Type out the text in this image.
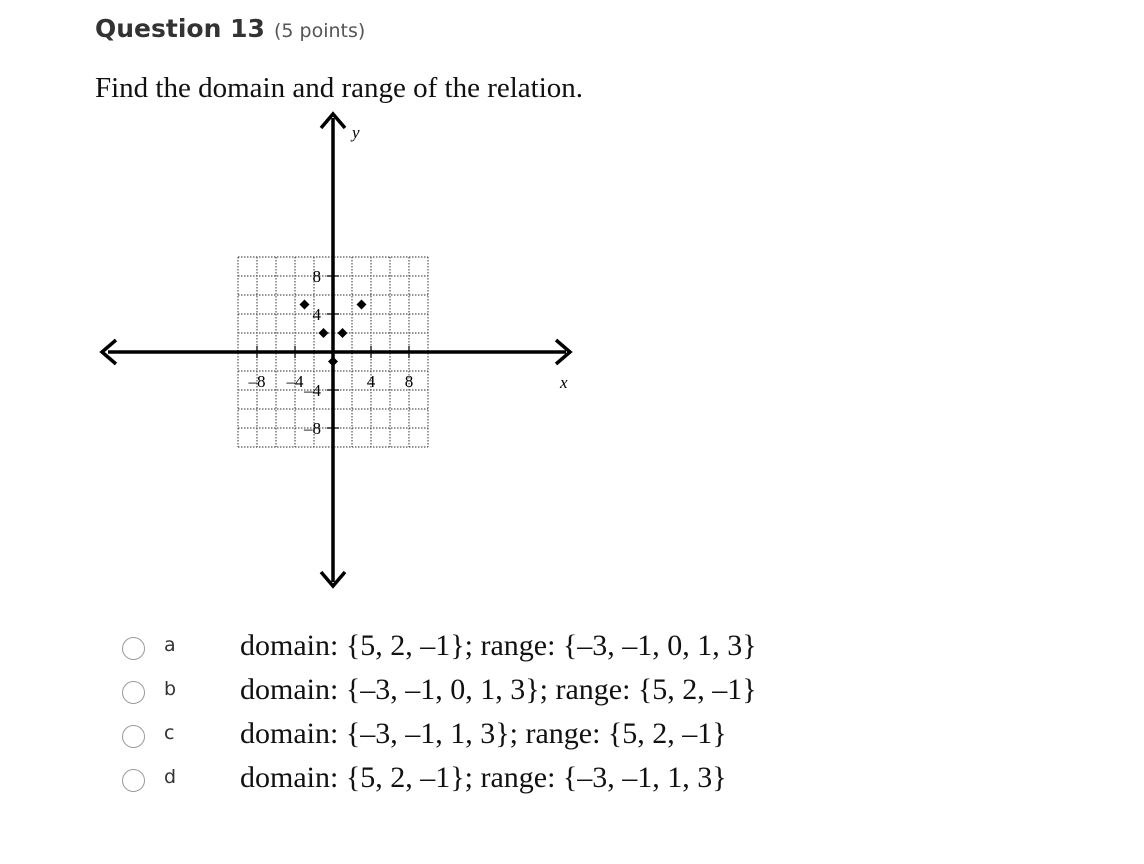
Question 13 (5 points)
Find the domain and range of the relation.
x
y
–8 –4	4 8
8
4
–4
–8
a domain: {5, 2, –1}; range: {–3, –1, 0, 1, 3}
b domain: {–3, –1, 0, 1, 3}; range: {5, 2, –1}
c domain: {–3, –1, 1, 3}; range: {5, 2, –1}
d domain: {5, 2, –1}; range: {–3, –1, 1, 3}
